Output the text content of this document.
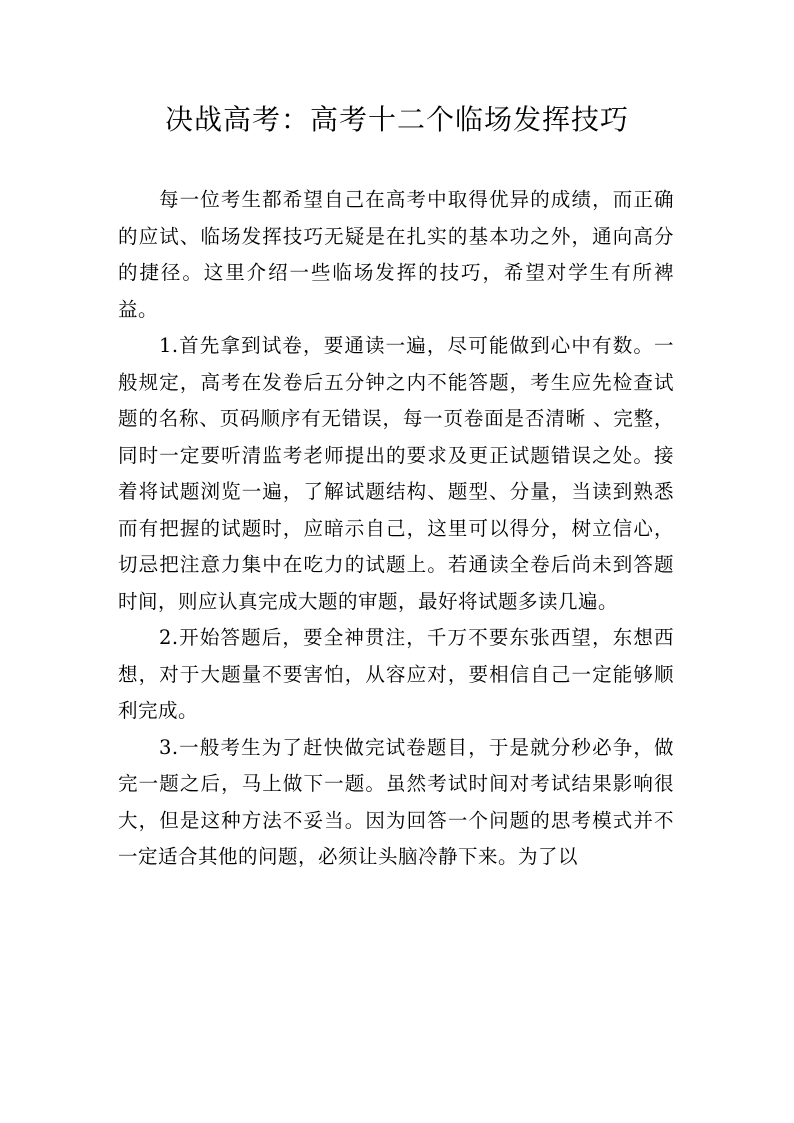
决战高考：高考十二个临场发挥技巧

每一位考生都希望自己在高考中取得优异的成绩，而正确的应试、临场发挥技巧无疑是在扎实的基本功之外，通向高分的捷径。这里介绍一些临场发挥的技巧，希望对学生有所裨益。

1.首先拿到试卷，要通读一遍，尽可能做到心中有数。一般规定，高考在发卷后五分钟之内不能答题，考生应先检查试题的名称、页码顺序有无错误，每一页卷面是否清晰 、完整，同时一定要听清监考老师提出的要求及更正试题错误之处。接着将试题浏览一遍，了解试题结构、题型、分量，当读到熟悉而有把握的试题时，应暗示自己，这里可以得分，树立信心，切忌把注意力集中在吃力的试题上。若通读全卷后尚未到答题时间，则应认真完成大题的审题，最好将试题多读几遍。

2.开始答题后，要全神贯注，千万不要东张西望，东想西想，对于大题量不要害怕，从容应对，要相信自己一定能够顺利完成。

3.一般考生为了赶快做完试卷题目，于是就分秒必争，做完一题之后，马上做下一题。虽然考试时间对考试结果影响很大，但是这种方法不妥当。因为回答一个问题的思考模式并不一定适合其他的问题，必须让头脑冷静下来。为了以
